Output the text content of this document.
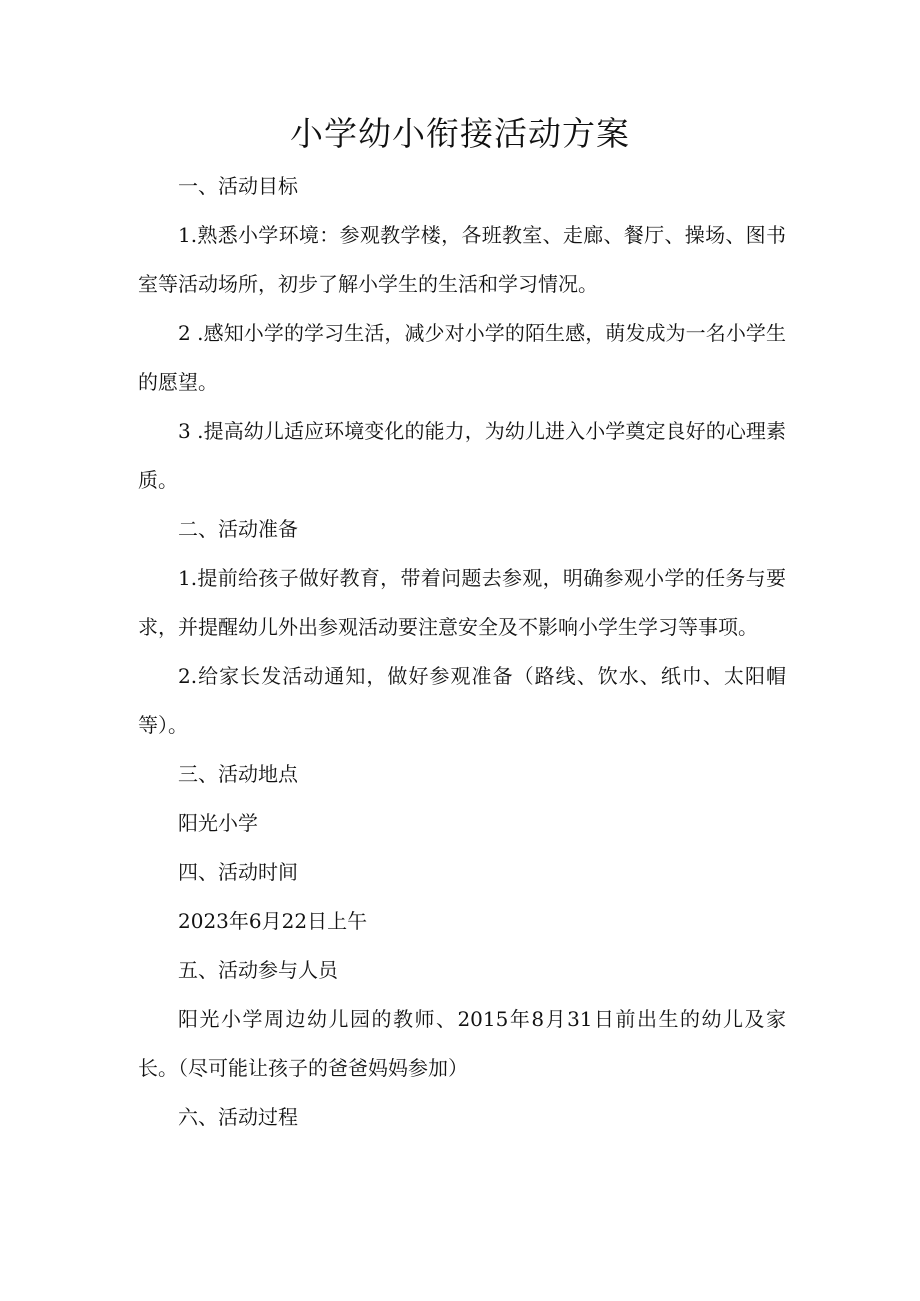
小学幼小衔接活动方案

一、活动目标

1.熟悉小学环境：参观教学楼，各班教室、走廊、餐厅、操场、图书室等活动场所，初步了解小学生的生活和学习情况。

2 .感知小学的学习生活，减少对小学的陌生感，萌发成为一名小学生的愿望。

3 .提高幼儿适应环境变化的能力，为幼儿进入小学奠定良好的心理素质。

二、活动准备

1.提前给孩子做好教育，带着问题去参观，明确参观小学的任务与要求，并提醒幼儿外出参观活动要注意安全及不影响小学生学习等事项。

2.给家长发活动通知，做好参观准备（路线、饮水、纸巾、太阳帽等）。

三、活动地点

阳光小学

四、活动时间

2023年6月22日上午

五、活动参与人员

阳光小学周边幼儿园的教师、2015年8月31日前出生的幼儿及家长。（尽可能让孩子的爸爸妈妈参加）

六、活动过程
